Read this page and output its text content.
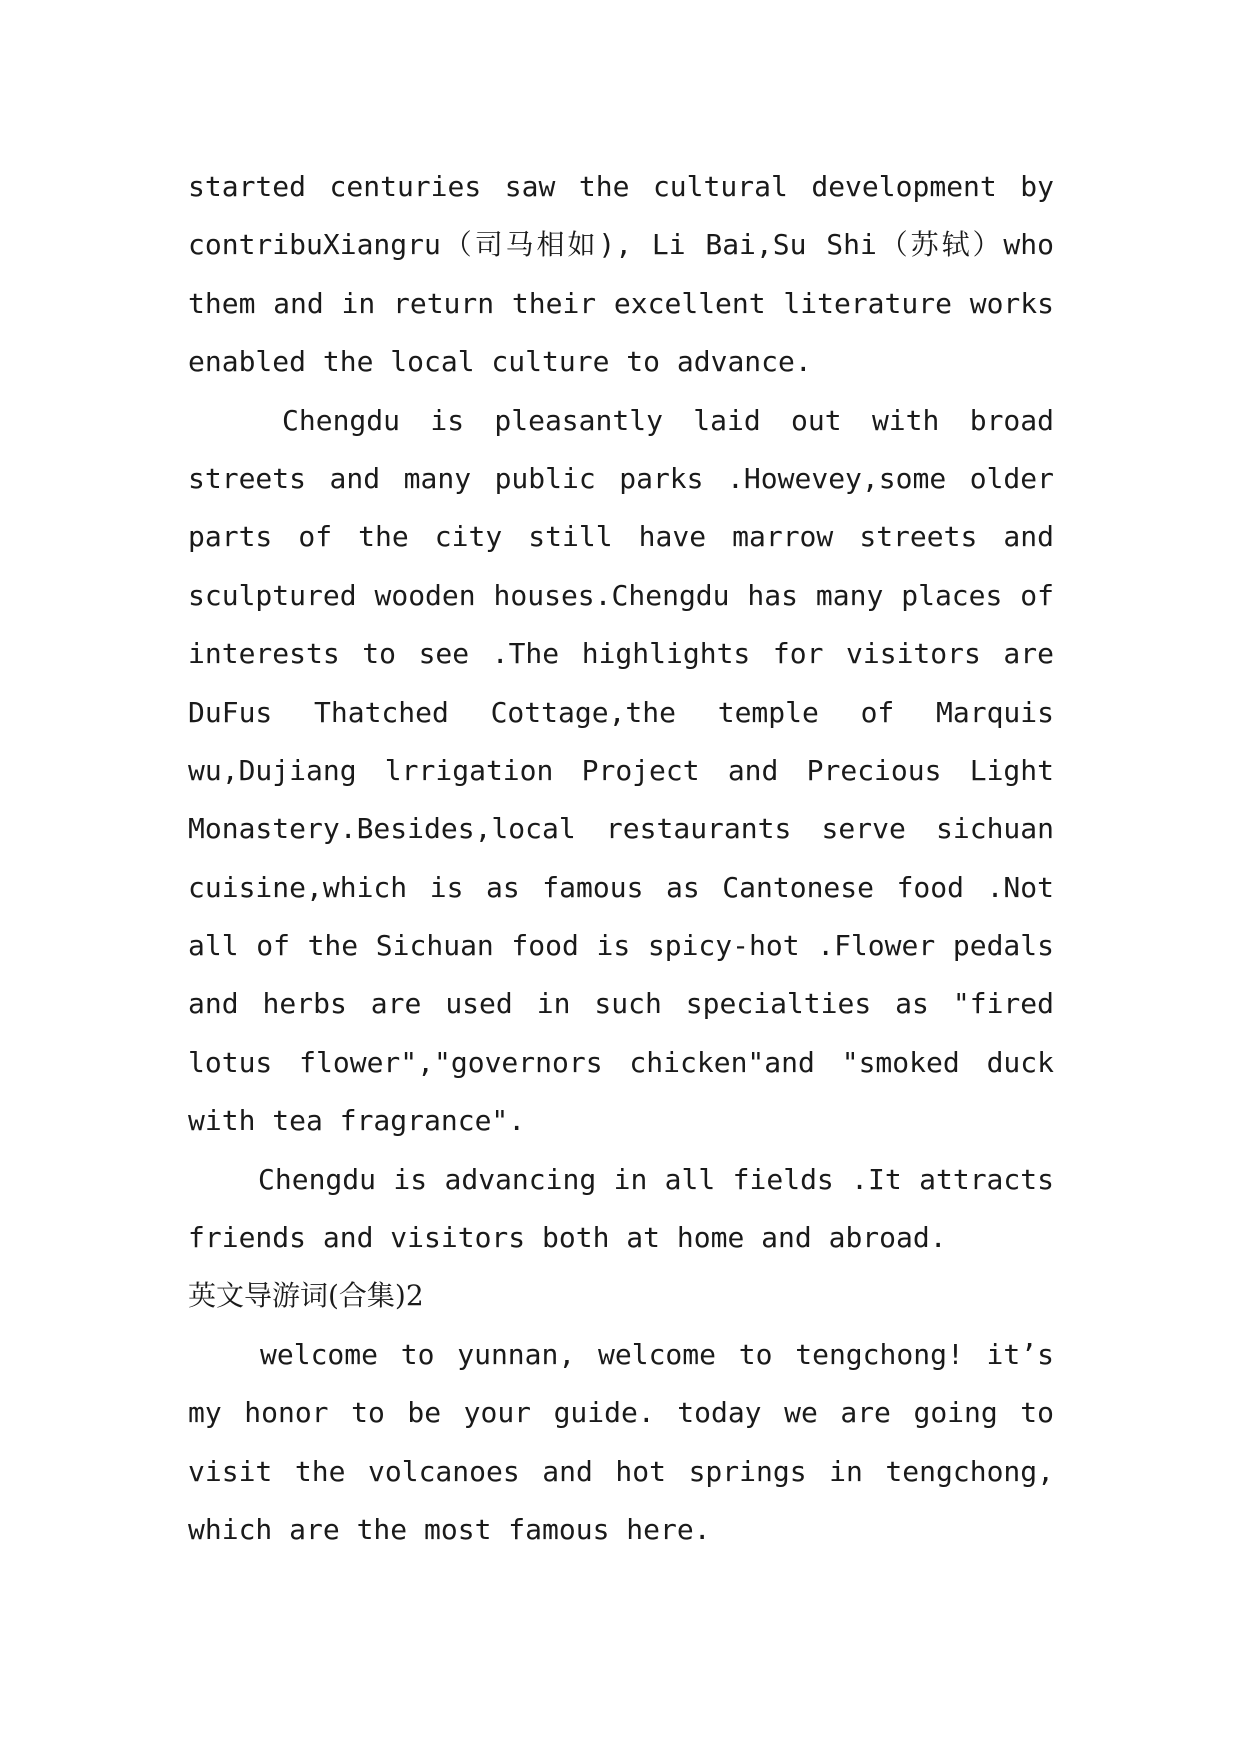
started centuries saw the cultural development by
contribuXiangru（司马相如), Li Bai,Su Shi（苏轼）who
them and in return their excellent literature works
enabled the local culture to advance.
Chengdu is pleasantly laid out with broad
streets and many public parks .Howevey,some older
parts of the city still have marrow streets and
sculptured wooden houses.Chengdu has many places of
interests to see .The highlights for visitors are
DuFus Thatched Cottage,the temple of Marquis
wu,Dujiang lrrigation Project and Precious Light
Monastery.Besides,local restaurants serve sichuan
cuisine,which is as famous as Cantonese food .Not
all of the Sichuan food is spicy-hot .Flower pedals
and herbs are used in such specialties as "fired
lotus flower","governors chicken"and "smoked duck
with tea fragrance".
Chengdu is advancing in all fields .It attracts
friends and visitors both at home and abroad.
英文导游词(合集)2
welcome to yunnan, welcome to tengchong! it’s
my honor to be your guide. today we are going to
visit the volcanoes and hot springs in tengchong,
which are the most famous here.
